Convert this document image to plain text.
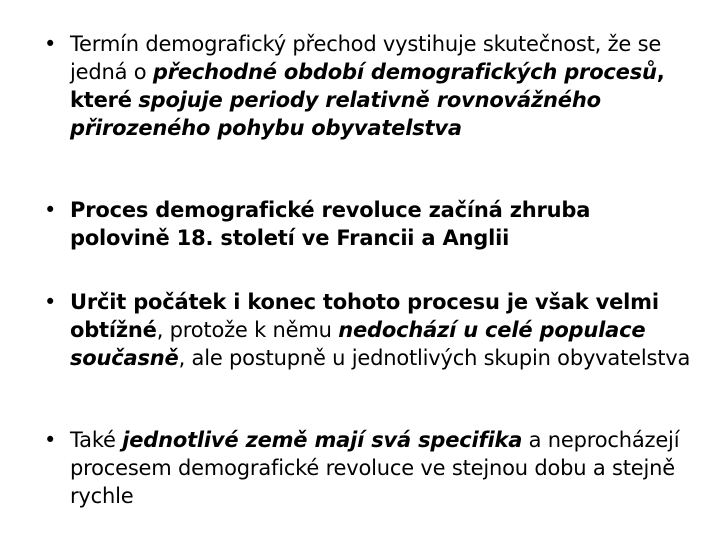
• Termín demografický přechod vystihuje skutečnost, že se jedná o přechodné období demografických procesů, které spojuje periody relativně rovnovážného přirozeného pohybu obyvatelstva
• Proces demografické revoluce začíná zhruba polovině 18. století ve Francii a Anglii
• Určit počátek i konec tohoto procesu je však velmi obtížné, protože k němu nedochází u celé populace současně, ale postupně u jednotlivých skupin obyvatelstva
• Také jednotlivé země mají svá specifika a neprocházejí procesem demografické revoluce ve stejnou dobu a stejně rychle
